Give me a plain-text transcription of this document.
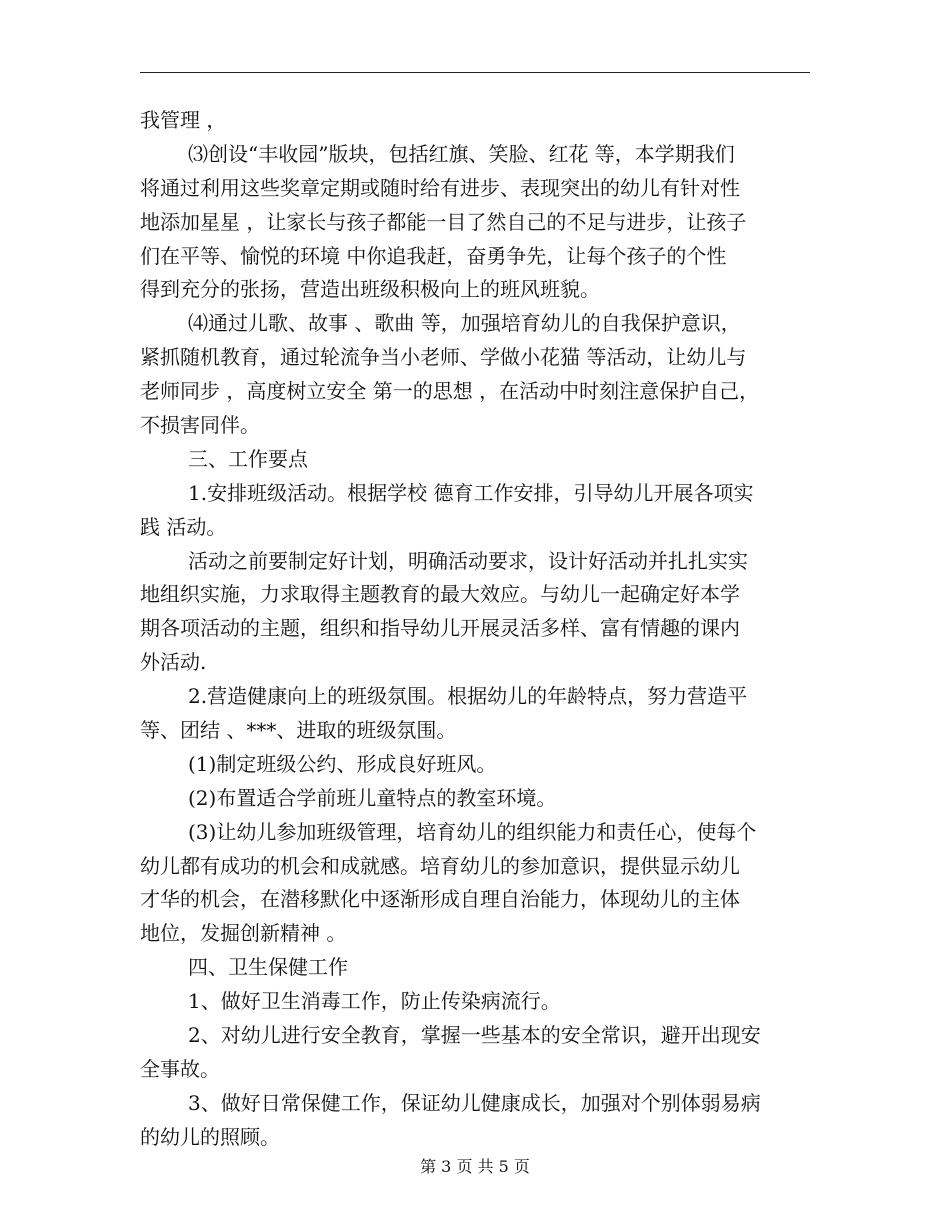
我管理 ，
⑶创设“丰收园”版块，包括红旗、笑脸、红花 等，本学期我们
将通过利用这些奖章定期或随时给有进步、表现突出的幼儿有针对性
地添加星星 ，让家长与孩子都能一目了然自己的不足与进步，让孩子
们在平等、愉悦的环境 中你追我赶，奋勇争先，让每个孩子的个性
得到充分的张扬，营造出班级积极向上的班风班貌。
⑷通过儿歌、故事 、歌曲 等，加强培育幼儿的自我保护意识，
紧抓随机教育，通过轮流争当小老师、学做小花猫 等活动，让幼儿与
老师同步 ，高度树立安全 第一的思想 ，在活动中时刻注意保护自己，
不损害同伴。
三、工作要点
1.安排班级活动。根据学校 德育工作安排，引导幼儿开展各项实
践 活动。
活动之前要制定好计划，明确活动要求，设计好活动并扎扎实实
地组织实施，力求取得主题教育的最大效应。与幼儿一起确定好本学
期各项活动的主题，组织和指导幼儿开展灵活多样、富有情趣的课内
外活动.
2.营造健康向上的班级氛围。根据幼儿的年龄特点，努力营造平
等、团结 、***、进取的班级氛围。
(1)制定班级公约、形成良好班风。
(2)布置适合学前班儿童特点的教室环境。
(3)让幼儿参加班级管理，培育幼儿的组织能力和责任心，使每个
幼儿都有成功的机会和成就感。培育幼儿的参加意识，提供显示幼儿
才华的机会，在潜移默化中逐渐形成自理自治能力，体现幼儿的主体
地位，发掘创新精神 。
四、卫生保健工作
1、做好卫生消毒工作，防止传染病流行。
2、对幼儿进行安全教育，掌握一些基本的安全常识，避开出现安
全事故。
3、做好日常保健工作，保证幼儿健康成长，加强对个别体弱易病
的幼儿的照顾。
第 3 页 共 5 页
